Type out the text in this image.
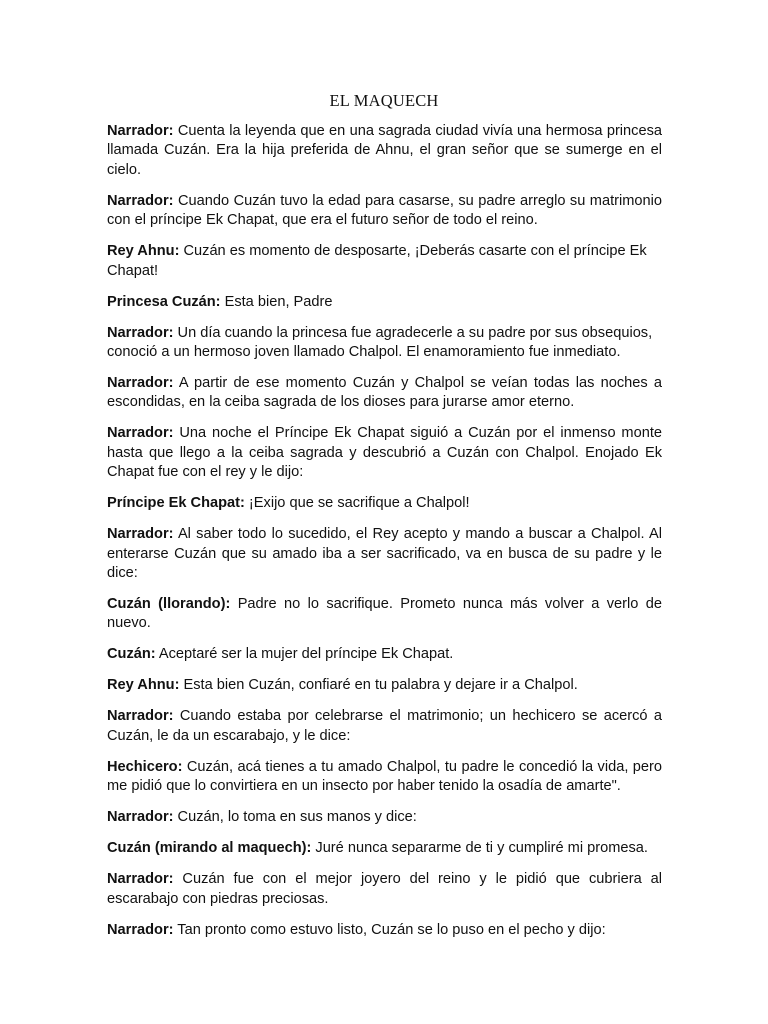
EL MAQUECH

Narrador: Cuenta la leyenda que en una sagrada ciudad vivía una hermosa princesa llamada Cuzán. Era la hija preferida de Ahnu, el gran señor que se sumerge en el cielo.

Narrador: Cuando Cuzán tuvo la edad para casarse, su padre arreglo su matrimonio con el príncipe Ek Chapat, que era el futuro señor de todo el reino.

Rey Ahnu: Cuzán es momento de desposarte, ¡Deberás casarte con el príncipe Ek Chapat!

Princesa Cuzán: Esta bien, Padre

Narrador: Un día cuando la princesa fue agradecerle a su padre por sus obsequios, conoció a un hermoso joven llamado Chalpol. El enamoramiento fue inmediato.

Narrador: A partir de ese momento Cuzán y Chalpol se veían todas las noches a escondidas, en la ceiba sagrada de los dioses para jurarse amor eterno.

Narrador: Una noche el Príncipe Ek Chapat siguió a Cuzán por el inmenso monte hasta que llego a la ceiba sagrada y descubrió a Cuzán con Chalpol. Enojado Ek Chapat fue con el rey y le dijo:

Príncipe Ek Chapat: ¡Exijo que se sacrifique a Chalpol!

Narrador: Al saber todo lo sucedido, el Rey acepto y mando a buscar a Chalpol. Al enterarse Cuzán que su amado iba a ser sacrificado, va en busca de su padre y le dice:

Cuzán (llorando): Padre no lo sacrifique. Prometo nunca más volver a verlo de nuevo.

Cuzán: Aceptaré ser la mujer del príncipe Ek Chapat.

Rey Ahnu: Esta bien Cuzán, confiaré en tu palabra y dejare ir a Chalpol.

Narrador: Cuando estaba por celebrarse el matrimonio; un hechicero se acercó a Cuzán, le da un escarabajo, y le dice:

Hechicero: Cuzán, acá tienes a tu amado Chalpol, tu padre le concedió la vida, pero me pidió que lo convirtiera en un insecto por haber tenido la osadía de amarte".

Narrador: Cuzán, lo toma en sus manos y dice:

Cuzán (mirando al maquech): Juré nunca separarme de ti y cumpliré mi promesa.

Narrador: Cuzán fue con el mejor joyero del reino y le pidió que cubriera al escarabajo con piedras preciosas.

Narrador: Tan pronto como estuvo listo, Cuzán se lo puso en el pecho y dijo:
